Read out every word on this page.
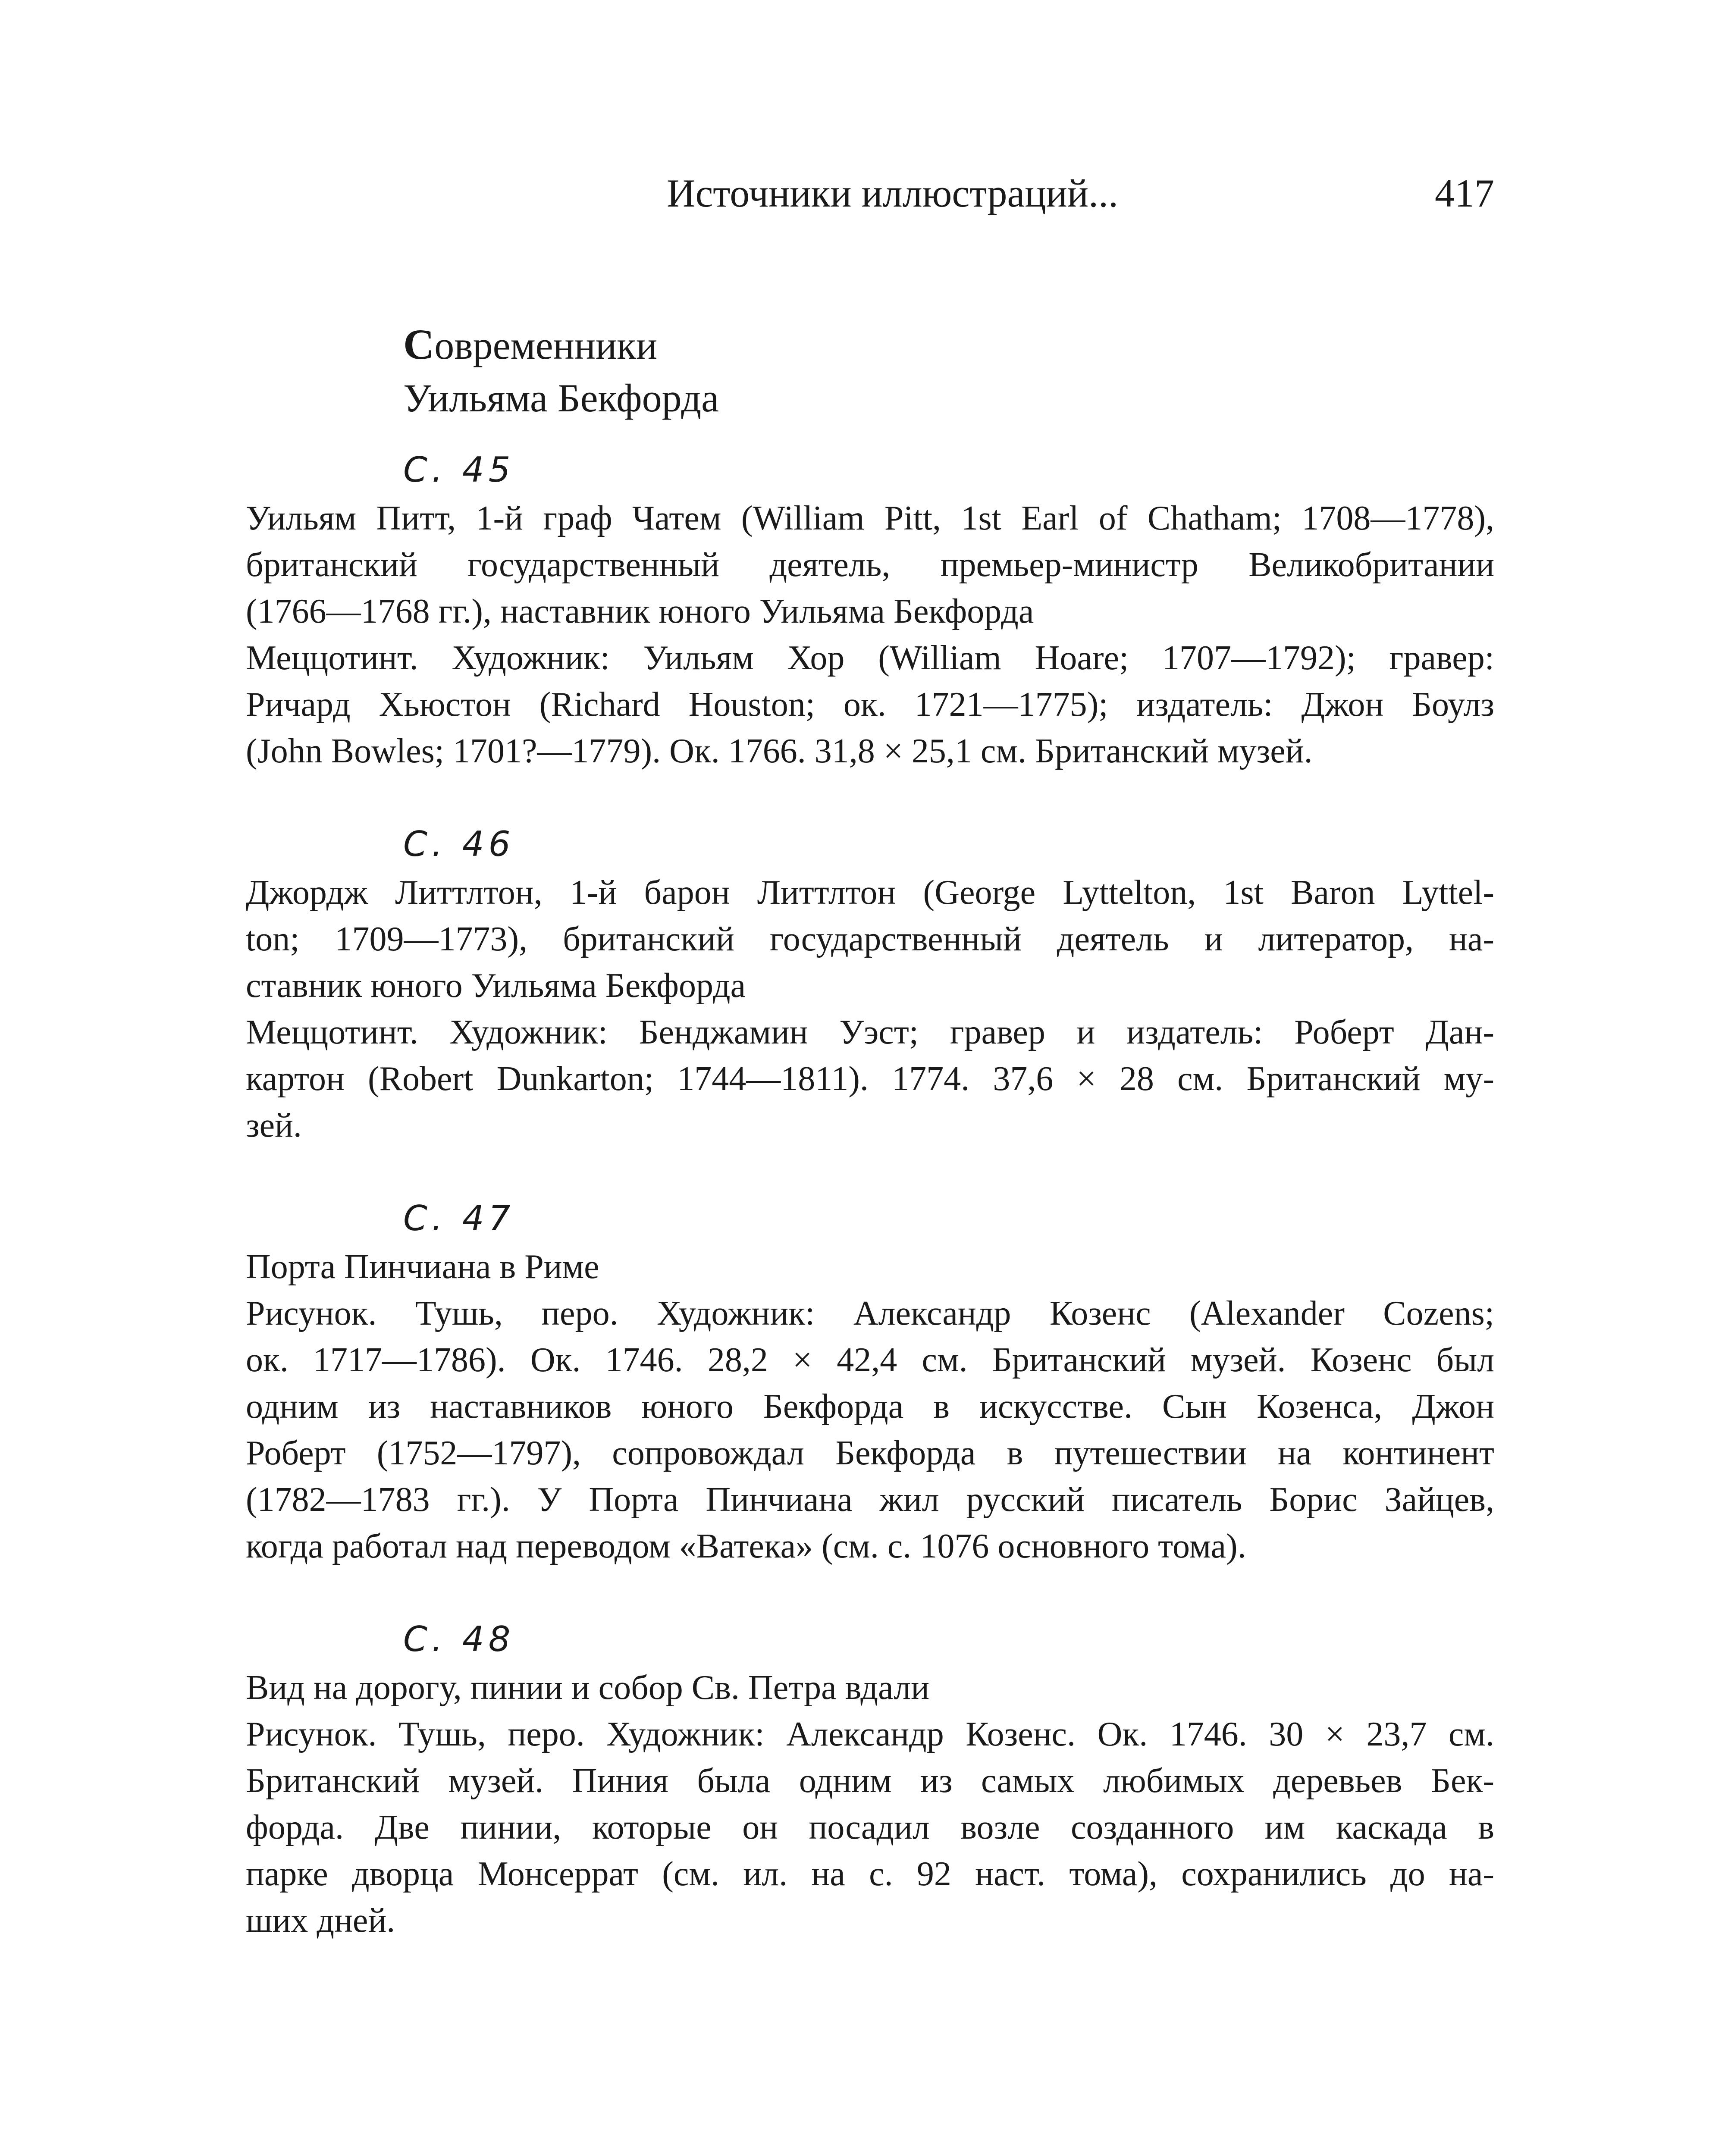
Источники иллюстраций...	417
Современники
Уильяма Бекфорда
С. 45
Уильям Питт, 1-й граф Чатем (William Pitt, 1st Earl of Chatham; 1708—1778),
британский государственный деятель, премьер-министр Великобритании
(1766—1768 гг.), наставник юного Уильяма Бекфорда
Меццотинт. Художник: Уильям Хор (William Hoare; 1707—1792); гравер:
Ричард Хьюстон (Richard Houston; ок. 1721—1775); издатель: Джон Боулз
(John Bowles; 1701?—1779). Ок. 1766. 31,8 × 25,1 см. Британский музей.
С. 46
Джордж Литтлтон, 1-й барон Литтлтон (George Lyttelton, 1st Baron Lyttel-
ton; 1709—1773), британский государственный деятель и литератор, на-
ставник юного Уильяма Бекфорда
Меццотинт. Художник: Бенджамин Уэст; гравер и издатель: Роберт Дан-
картон (Robert Dunkarton; 1744—1811). 1774. 37,6 × 28 см. Британский му-
зей.
С. 47
Порта Пинчиана в Риме
Рисунок. Тушь, перо. Художник: Александр Козенс (Alexander Cozens;
ок. 1717—1786). Ок. 1746. 28,2 × 42,4 см. Британский музей. Козенс был
одним из наставников юного Бекфорда в искусстве. Сын Козенса, Джон
Роберт (1752—1797), сопровождал Бекфорда в путешествии на континент
(1782—1783 гг.). У Порта Пинчиана жил русский писатель Борис Зайцев,
когда работал над переводом «Ватека» (см. с. 1076 основного тома).
С. 48
Вид на дорогу, пинии и собор Св. Петра вдали
Рисунок. Тушь, перо. Художник: Александр Козенс. Ок. 1746. 30 × 23,7 см.
Британский музей. Пиния была одним из самых любимых деревьев Бек-
форда. Две пинии, которые он посадил возле созданного им каскада в
парке дворца Монсеррат (см. ил. на с. 92 наст. тома), сохранились до на-
ших дней.
